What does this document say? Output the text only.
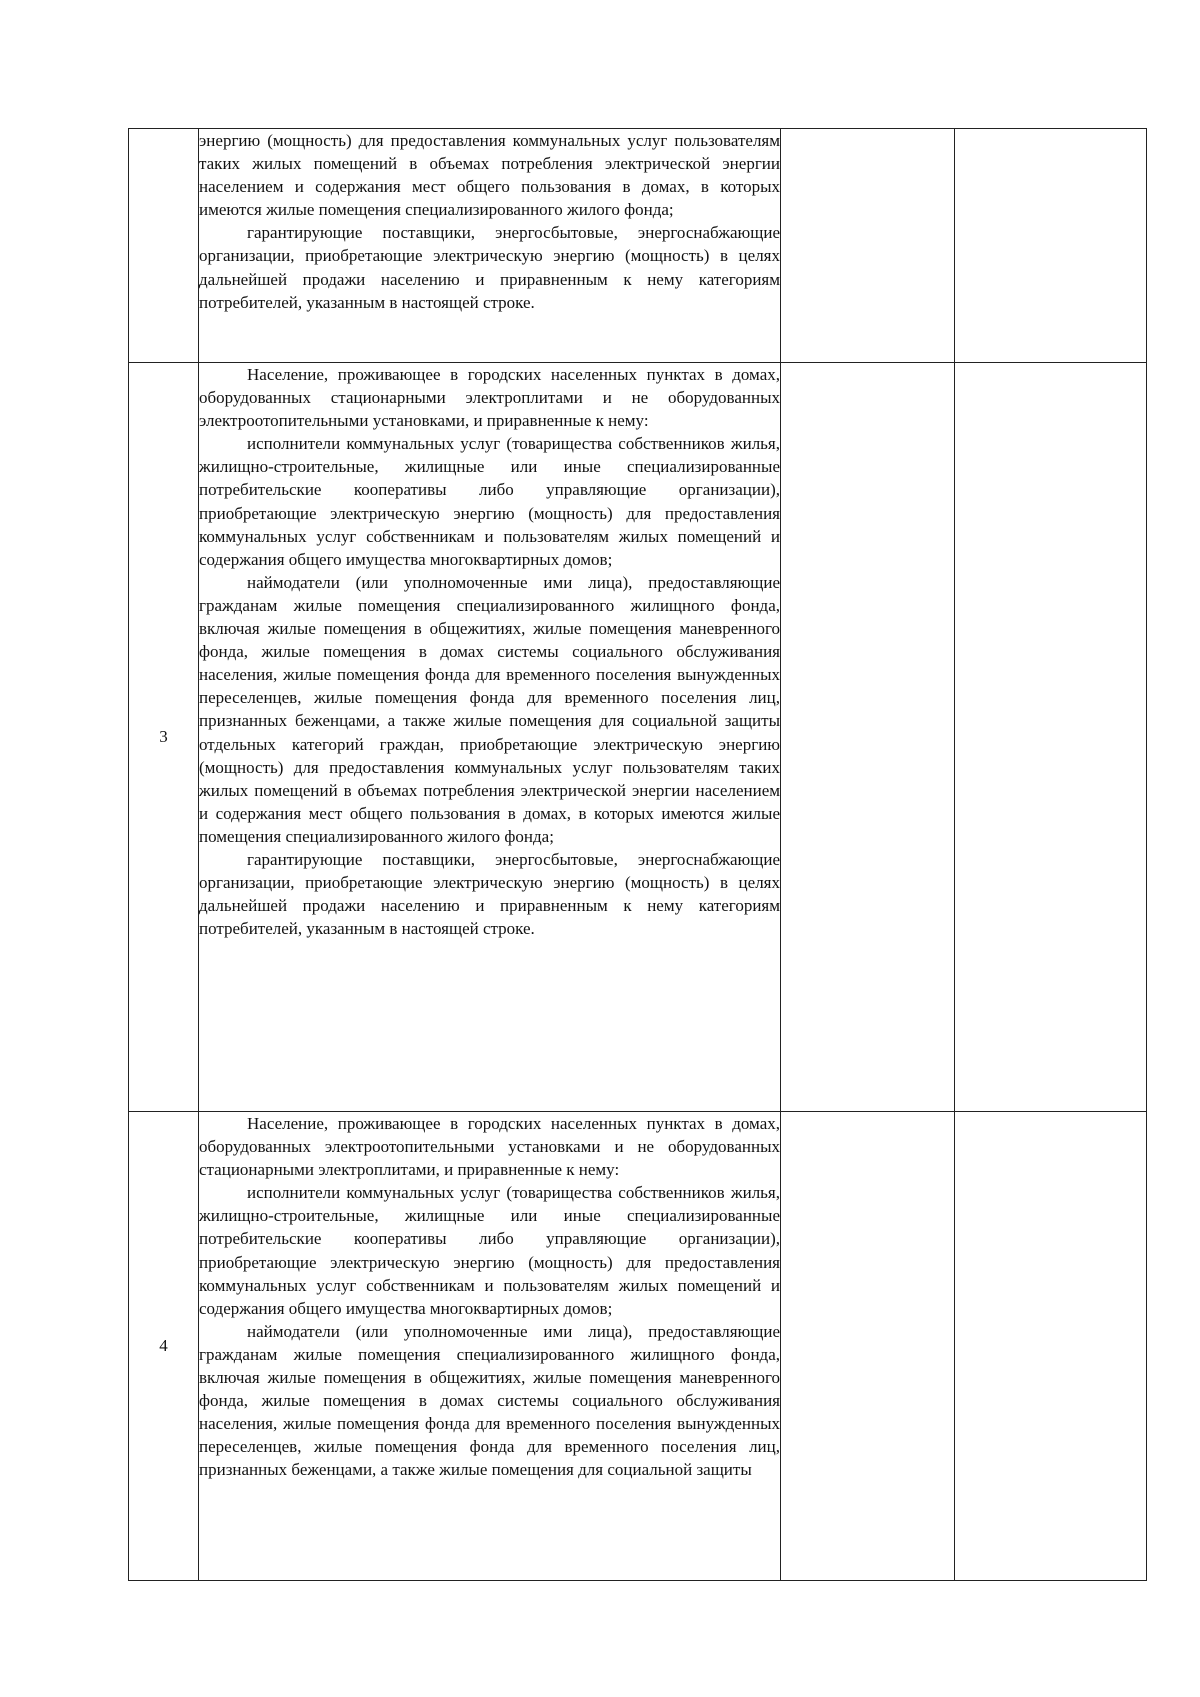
	энергию (мощность) для предоставления коммунальных услуг пользователям таких жилых помещений в объемах потребления электрической энергии населением и содержания мест общего пользования в домах, в которых имеются жилые помещения специализированного жилого фонда;

гарантирующие поставщики, энергосбытовые, энергоснабжающие организации, приобретающие электрическую энергию (мощность) в целях дальнейшей продажи населению и приравненным к нему категориям потребителей, указанным в настоящей строке.		

3	Население, проживающее в городских населенных пунктах в домах, оборудованных стационарными электроплитами и не оборудованных электроотопительными установками, и приравненные к нему:

исполнители коммунальных услуг (товарищества собственников жилья, жилищно-строительные, жилищные или иные специализированные потребительские кооперативы либо управляющие организации), приобретающие электрическую энергию (мощность) для предоставления коммунальных услуг собственникам и пользователям жилых помещений и содержания общего имущества многоквартирных домов;

наймодатели (или уполномоченные ими лица), предоставляющие гражданам жилые помещения специализированного жилищного фонда, включая жилые помещения в общежитиях, жилые помещения маневренного фонда, жилые помещения в домах системы социального обслуживания населения, жилые помещения фонда для временного поселения вынужденных переселенцев, жилые помещения фонда для временного поселения лиц, признанных беженцами, а также жилые помещения для социальной защиты отдельных категорий граждан, приобретающие электрическую энергию (мощность) для предоставления коммунальных услуг пользователям таких жилых помещений в объемах потребления электрической энергии населением и содержания мест общего пользования в домах, в которых имеются жилые помещения специализированного жилого фонда;

гарантирующие поставщики, энергосбытовые, энергоснабжающие организации, приобретающие электрическую энергию (мощность) в целях дальнейшей продажи населению и приравненным к нему категориям потребителей, указанным в настоящей строке.		

4	Население, проживающее в городских населенных пунктах в домах, оборудованных электроотопительными установками и не оборудованных стационарными электроплитами, и приравненные к нему:

исполнители коммунальных услуг (товарищества собственников жилья, жилищно-строительные, жилищные или иные специализированные потребительские кооперативы либо управляющие организации), приобретающие электрическую энергию (мощность) для предоставления коммунальных услуг собственникам и пользователям жилых помещений и содержания общего имущества многоквартирных домов;

наймодатели (или уполномоченные ими лица), предоставляющие гражданам жилые помещения специализированного жилищного фонда, включая жилые помещения в общежитиях, жилые помещения маневренного фонда, жилые помещения в домах системы социального обслуживания населения, жилые помещения фонда для временного поселения вынужденных переселенцев, жилые помещения фонда для временного поселения лиц, признанных беженцами, а также жилые помещения для социальной защиты		
